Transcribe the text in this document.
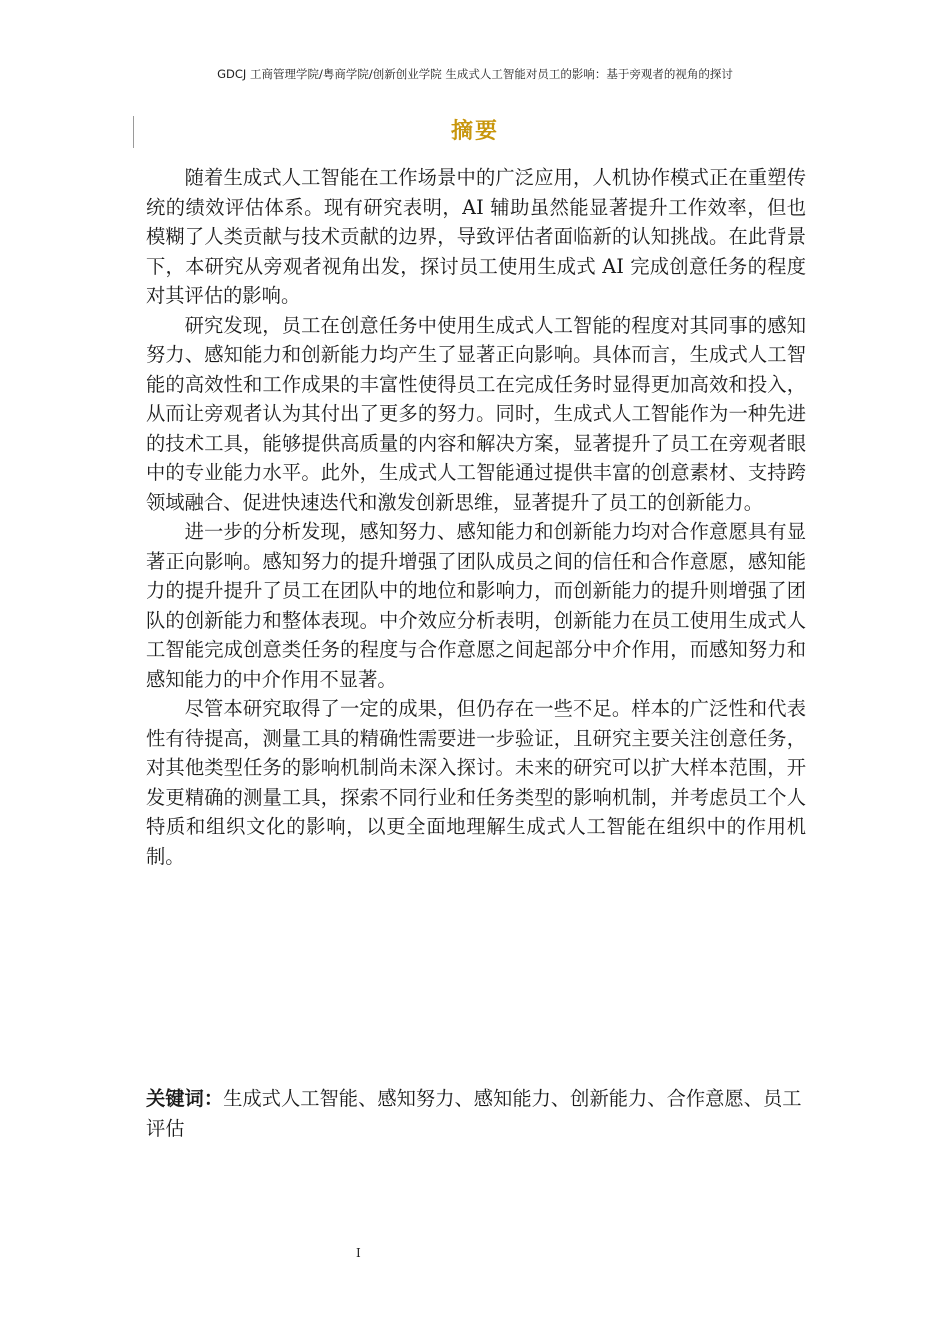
GDCJ 工商管理学院/粤商学院/创新创业学院 生成式人工智能对员工的影响：基于旁观者的视角的探讨
摘要

随着生成式人工智能在工作场景中的广泛应用，人机协作模式正在重塑传统的绩效评估体系。现有研究表明，AI 辅助虽然能显著提升工作效率，但也模糊了人类贡献与技术贡献的边界，导致评估者面临新的认知挑战。在此背景下，本研究从旁观者视角出发，探讨员工使用生成式 AI 完成创意任务的程度对其评估的影响。

研究发现，员工在创意任务中使用生成式人工智能的程度对其同事的感知努力、感知能力和创新能力均产生了显著正向影响。具体而言，生成式人工智能的高效性和工作成果的丰富性使得员工在完成任务时显得更加高效和投入，从而让旁观者认为其付出了更多的努力。同时，生成式人工智能作为一种先进的技术工具，能够提供高质量的内容和解决方案，显著提升了员工在旁观者眼中的专业能力水平。此外，生成式人工智能通过提供丰富的创意素材、支持跨领域融合、促进快速迭代和激发创新思维，显著提升了员工的创新能力。

进一步的分析发现，感知努力、感知能力和创新能力均对合作意愿具有显著正向影响。感知努力的提升增强了团队成员之间的信任和合作意愿，感知能力的提升提升了员工在团队中的地位和影响力，而创新能力的提升则增强了团队的创新能力和整体表现。中介效应分析表明，创新能力在员工使用生成式人工智能完成创意类任务的程度与合作意愿之间起部分中介作用，而感知努力和感知能力的中介作用不显著。

尽管本研究取得了一定的成果，但仍存在一些不足。样本的广泛性和代表性有待提高，测量工具的精确性需要进一步验证，且研究主要关注创意任务，对其他类型任务的影响机制尚未深入探讨。未来的研究可以扩大样本范围，开发更精确的测量工具，探索不同行业和任务类型的影响机制，并考虑员工个人特质和组织文化的影响，以更全面地理解生成式人工智能在组织中的作用机制。

关键词：生成式人工智能、感知努力、感知能力、创新能力、合作意愿、员工评估

I
